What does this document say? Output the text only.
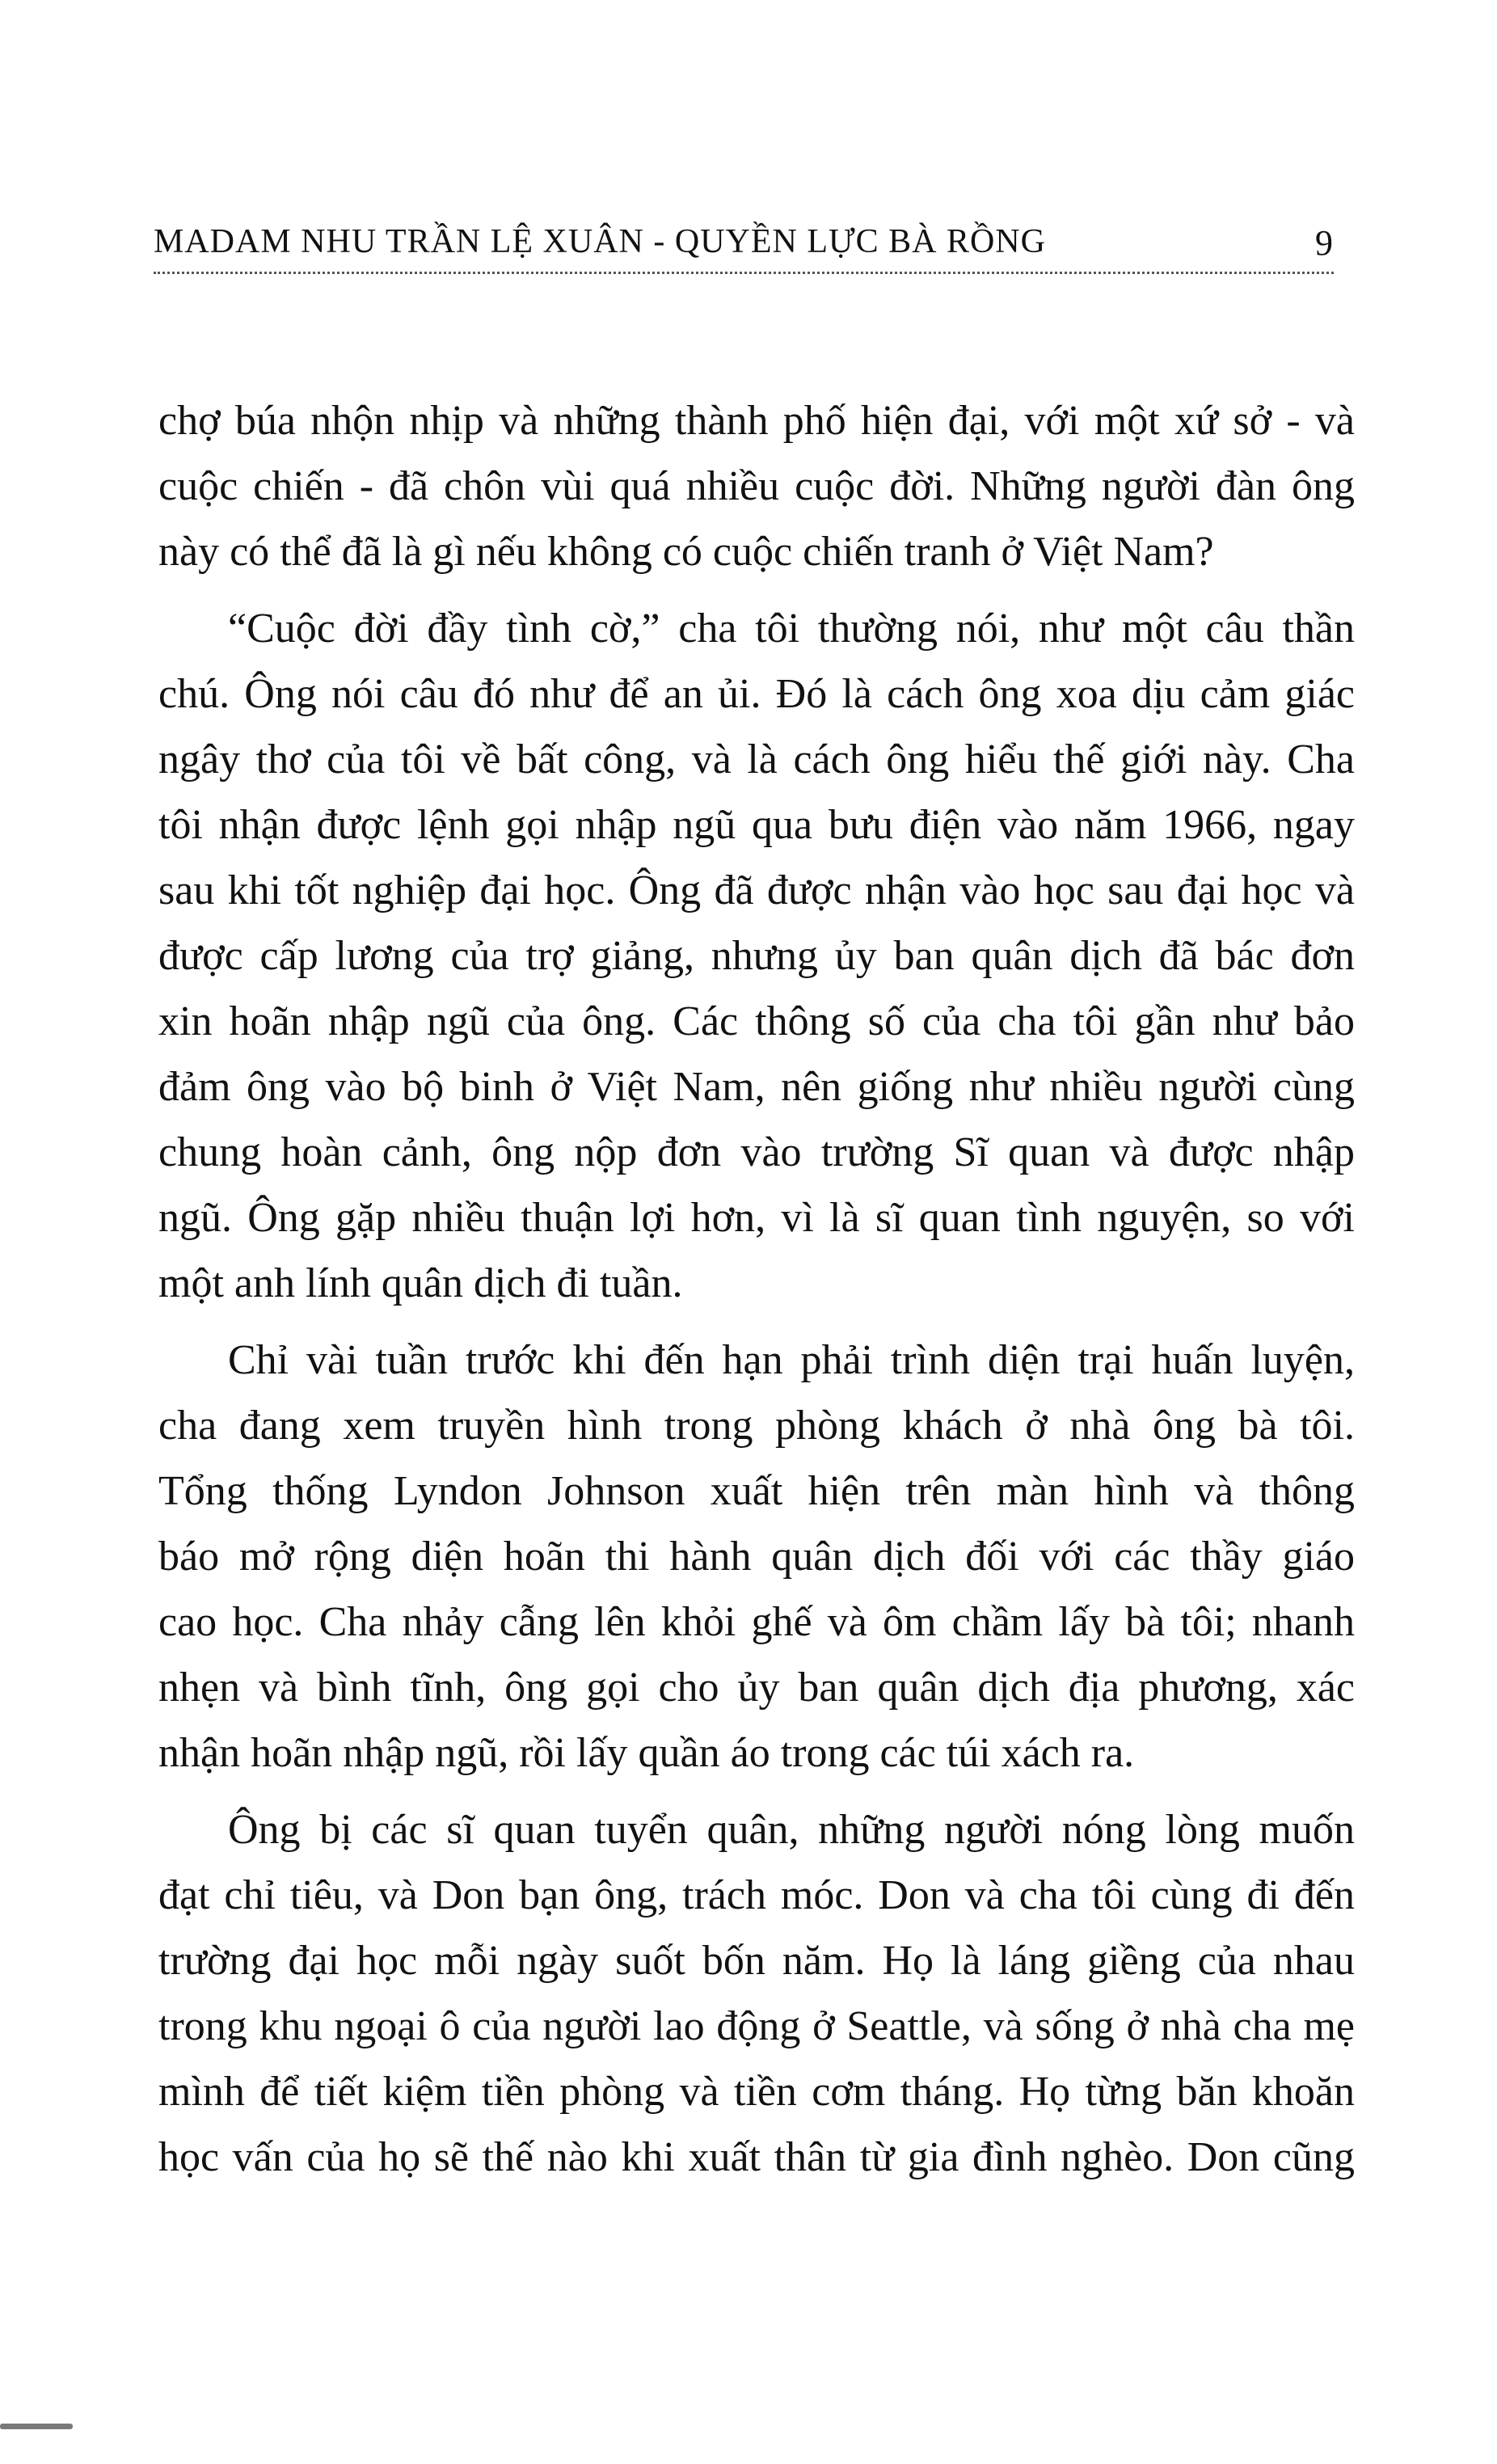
MADAM NHU TRẦN LỆ XUÂN - QUYỀN LỰC BÀ RỒNG	9
chợ búa nhộn nhịp và những thành phố hiện đại, với một xứ sở - và
cuộc chiến - đã chôn vùi quá nhiều cuộc đời. Những người đàn ông
này có thể đã là gì nếu không có cuộc chiến tranh ở Việt Nam?
“Cuộc đời đầy tình cờ,” cha tôi thường nói, như một câu thần
chú. Ông nói câu đó như để an ủi. Đó là cách ông xoa dịu cảm giác
ngây thơ của tôi về bất công, và là cách ông hiểu thế giới này. Cha
tôi nhận được lệnh gọi nhập ngũ qua bưu điện vào năm 1966, ngay
sau khi tốt nghiệp đại học. Ông đã được nhận vào học sau đại học và
được cấp lương của trợ giảng, nhưng ủy ban quân dịch đã bác đơn
xin hoãn nhập ngũ của ông. Các thông số của cha tôi gần như bảo
đảm ông vào bộ binh ở Việt Nam, nên giống như nhiều người cùng
chung hoàn cảnh, ông nộp đơn vào trường Sĩ quan và được nhập
ngũ. Ông gặp nhiều thuận lợi hơn, vì là sĩ quan tình nguyện, so với
một anh lính quân dịch đi tuần.
Chỉ vài tuần trước khi đến hạn phải trình diện trại huấn luyện,
cha đang xem truyền hình trong phòng khách ở nhà ông bà tôi.
Tổng thống Lyndon Johnson xuất hiện trên màn hình và thông
báo mở rộng diện hoãn thi hành quân dịch đối với các thầy giáo
cao học. Cha nhảy cẫng lên khỏi ghế và ôm chầm lấy bà tôi; nhanh
nhẹn và bình tĩnh, ông gọi cho ủy ban quân dịch địa phương, xác
nhận hoãn nhập ngũ, rồi lấy quần áo trong các túi xách ra.
Ông bị các sĩ quan tuyển quân, những người nóng lòng muốn
đạt chỉ tiêu, và Don bạn ông, trách móc. Don và cha tôi cùng đi đến
trường đại học mỗi ngày suốt bốn năm. Họ là láng giềng của nhau
trong khu ngoại ô của người lao động ở Seattle, và sống ở nhà cha mẹ
mình để tiết kiệm tiền phòng và tiền cơm tháng. Họ từng băn khoăn
học vấn của họ sẽ thế nào khi xuất thân từ gia đình nghèo. Don cũng
